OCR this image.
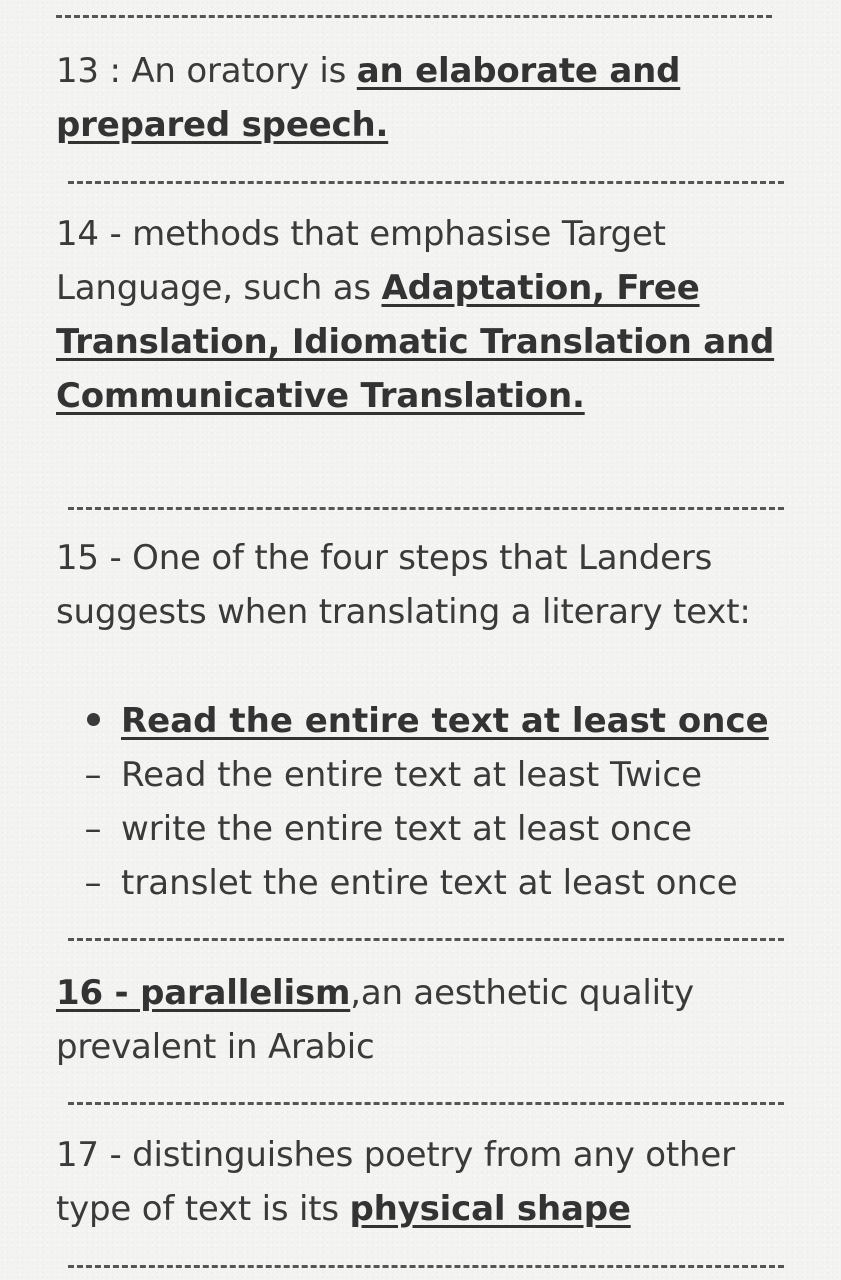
13 : An oratory is an elaborate and prepared speech.

14 - methods that emphasise Target Language, such as Adaptation, Free Translation, Idiomatic Translation and Communicative Translation.

15 - One of the four steps that Landers suggests when translating a literary text:

Read the entire text at least once
– Read the entire text at least Twice
– write the entire text at least once
– translet the entire text at least once

16 - parallelism,an aesthetic quality prevalent in Arabic

17 - distinguishes poetry from any other type of text is its physical shape
